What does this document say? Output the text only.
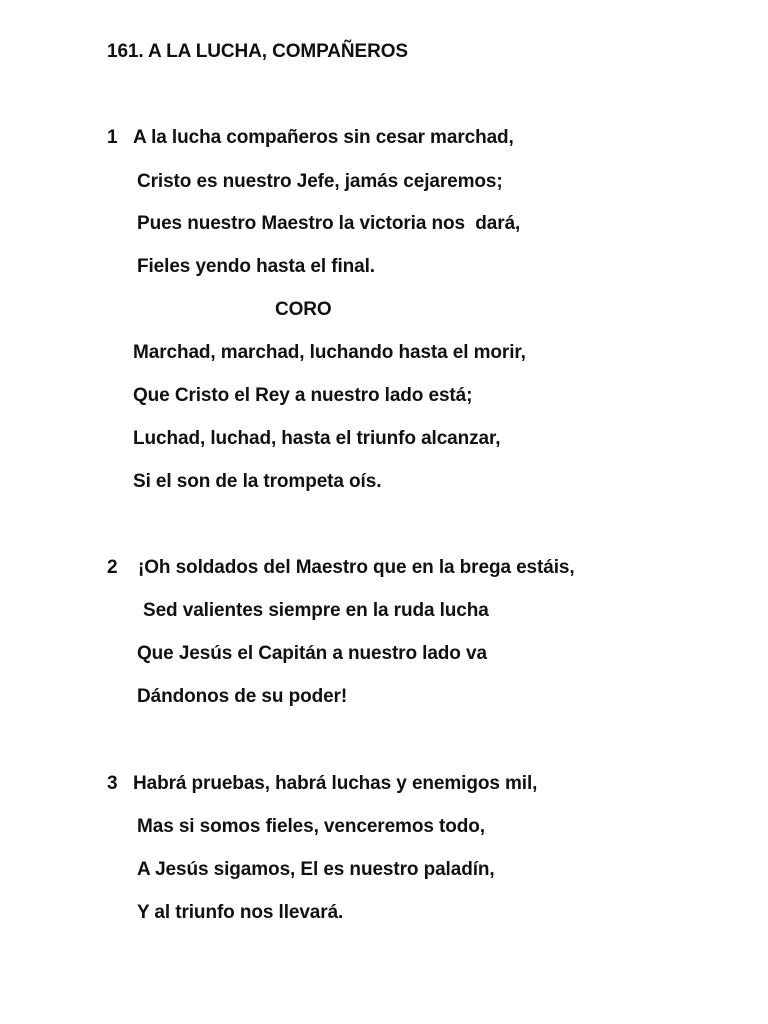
161. A LA LUCHA, COMPAÑEROS
1 A la lucha compañeros sin cesar marchad,
Cristo es nuestro Jefe, jamás cejaremos;
Pues nuestro Maestro la victoria nos  dará,
Fieles yendo hasta el final.
CORO
Marchad, marchad, luchando hasta el morir,
Que Cristo el Rey a nuestro lado está;
Luchad, luchad, hasta el triunfo alcanzar,
Si el son de la trompeta oís.
2 ¡Oh soldados del Maestro que en la brega estáis,
Sed valientes siempre en la ruda lucha
Que Jesús el Capitán a nuestro lado va
Dándonos de su poder!
3 Habrá pruebas, habrá luchas y enemigos mil,
Mas si somos fieles, venceremos todo,
A Jesús sigamos, El es nuestro paladín,
Y al triunfo nos llevará.
